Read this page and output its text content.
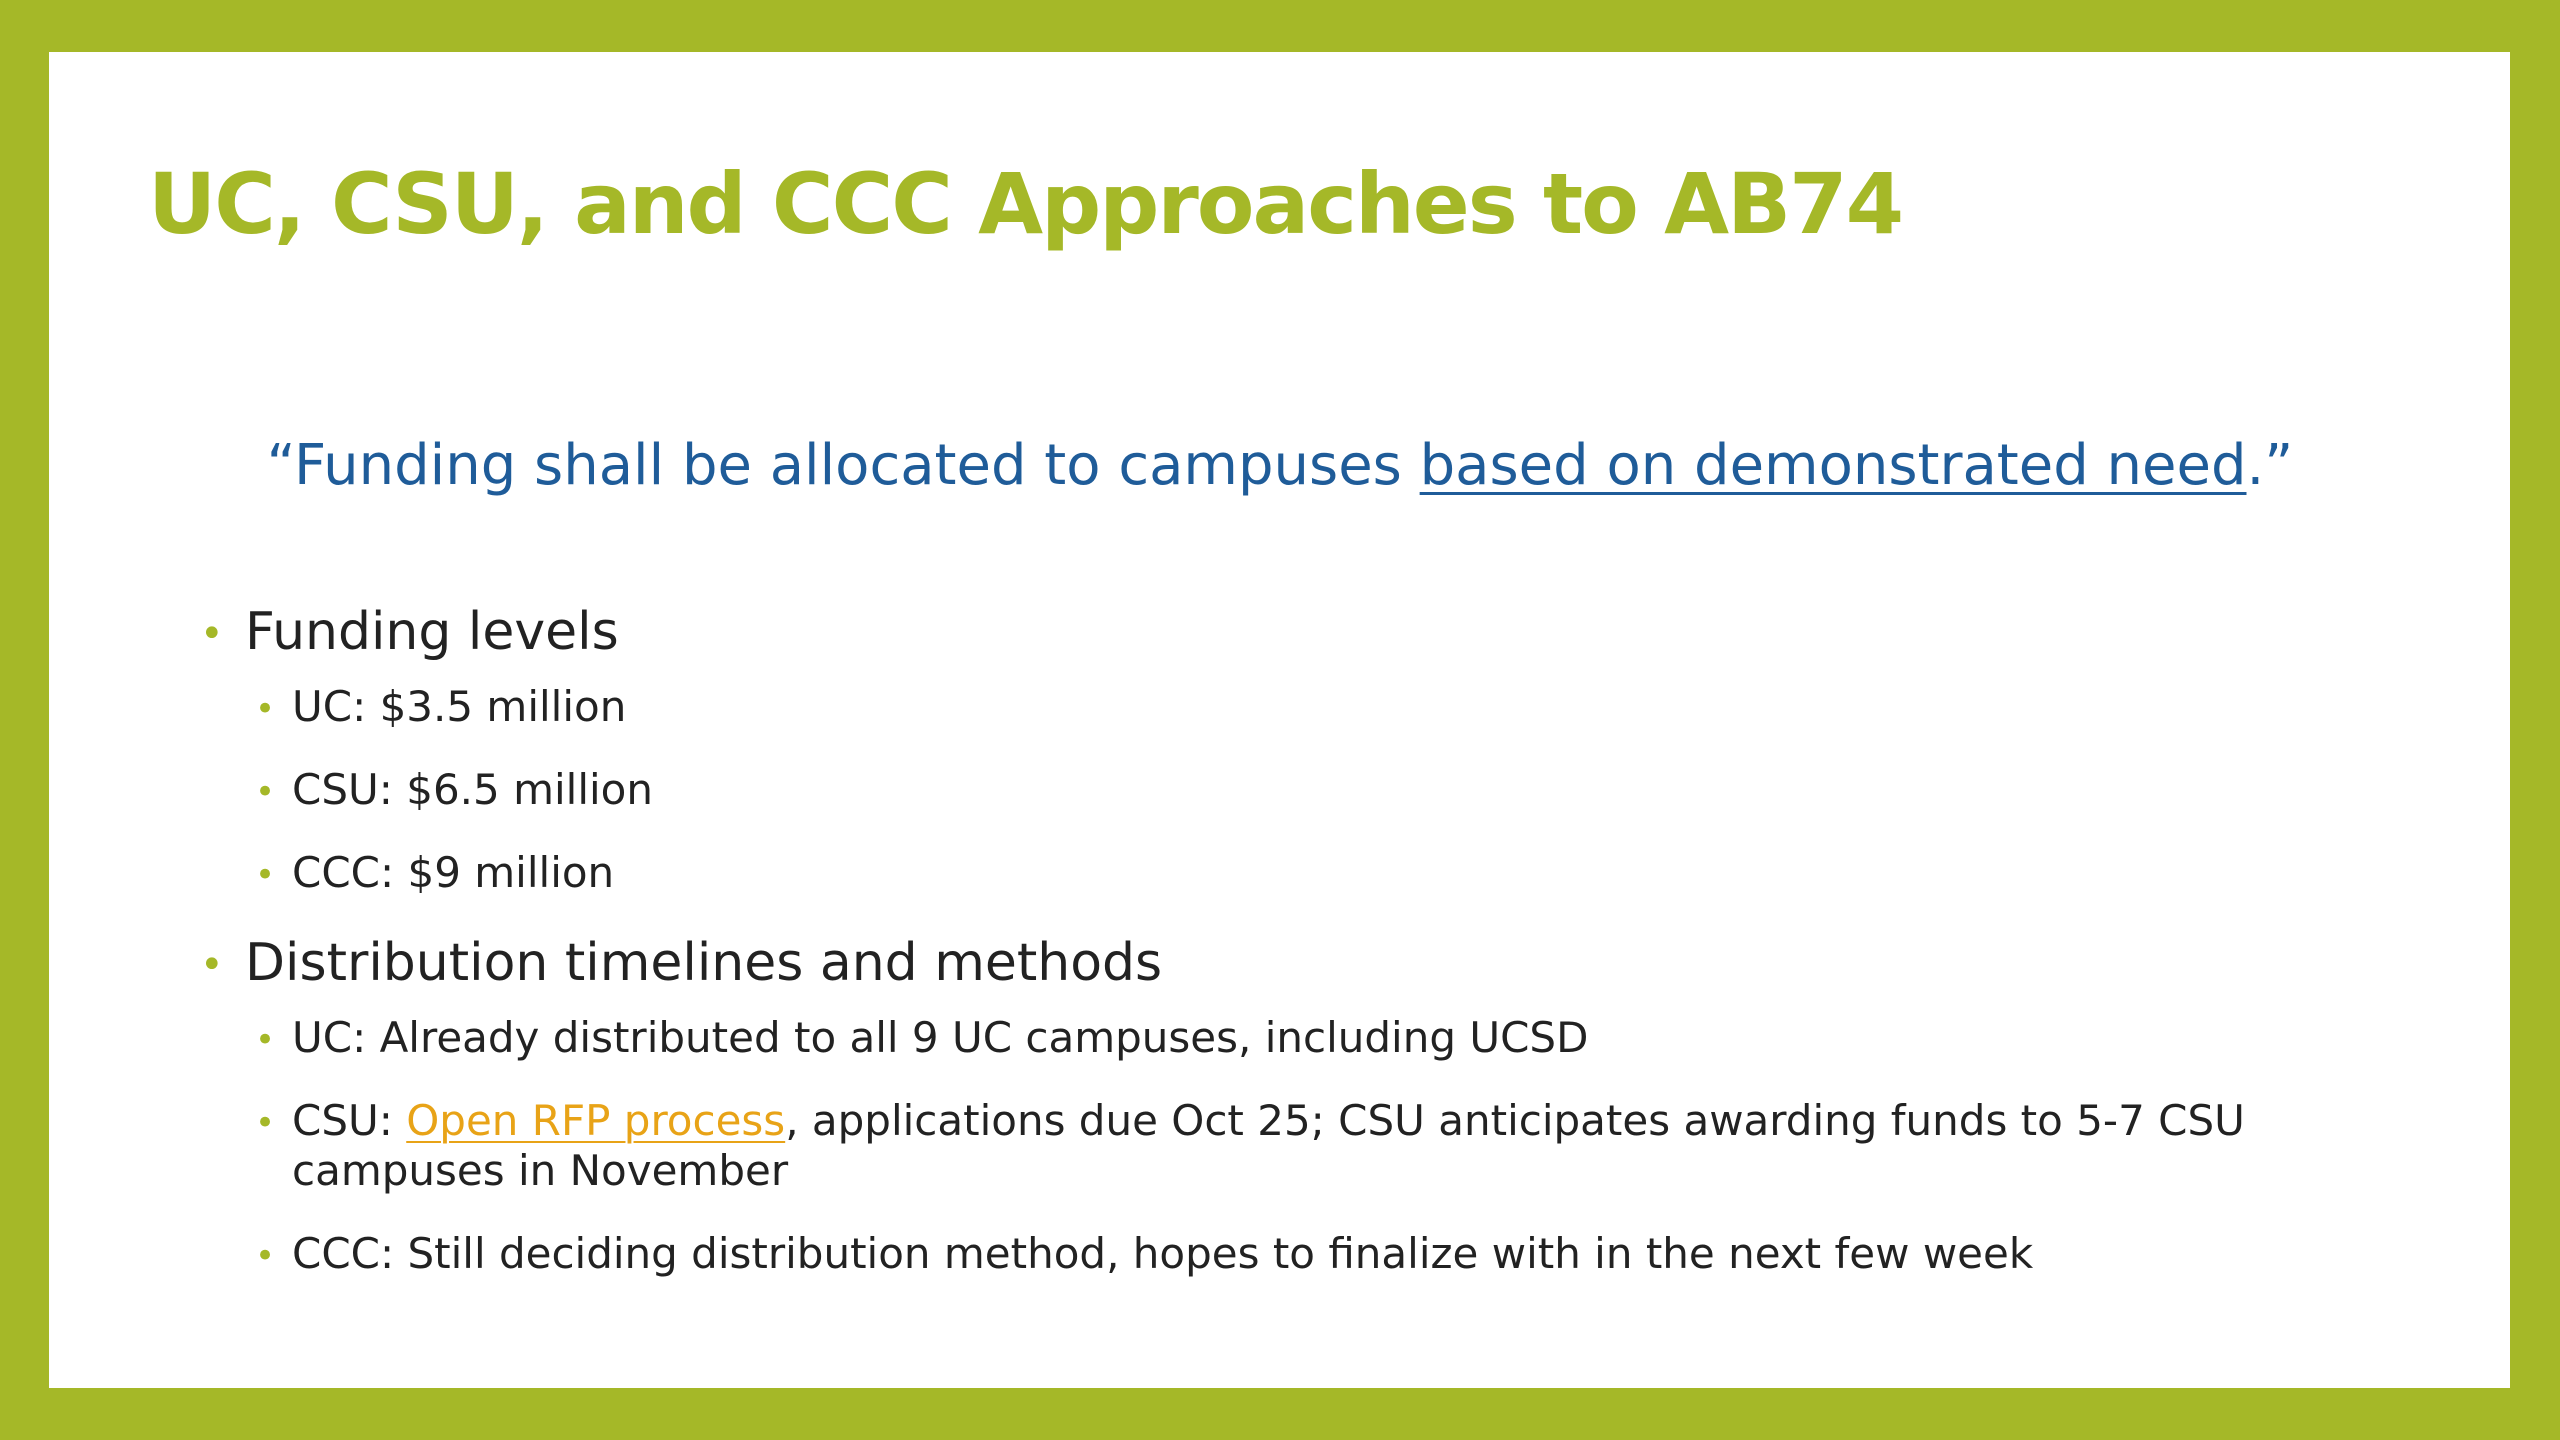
UC, CSU, and CCC Approaches to AB74
“Funding shall be allocated to campuses based on demonstrated need.”
• Funding levels
• UC: $3.5 million
• CSU: $6.5 million
• CCC: $9 million
• Distribution timelines and methods
• UC: Already distributed to all 9 UC campuses, including UCSD
• CSU: Open RFP process, applications due Oct 25; CSU anticipates awarding funds to 5-7 CSU campuses in November
• CCC: Still deciding distribution method, hopes to finalize with in the next few week
